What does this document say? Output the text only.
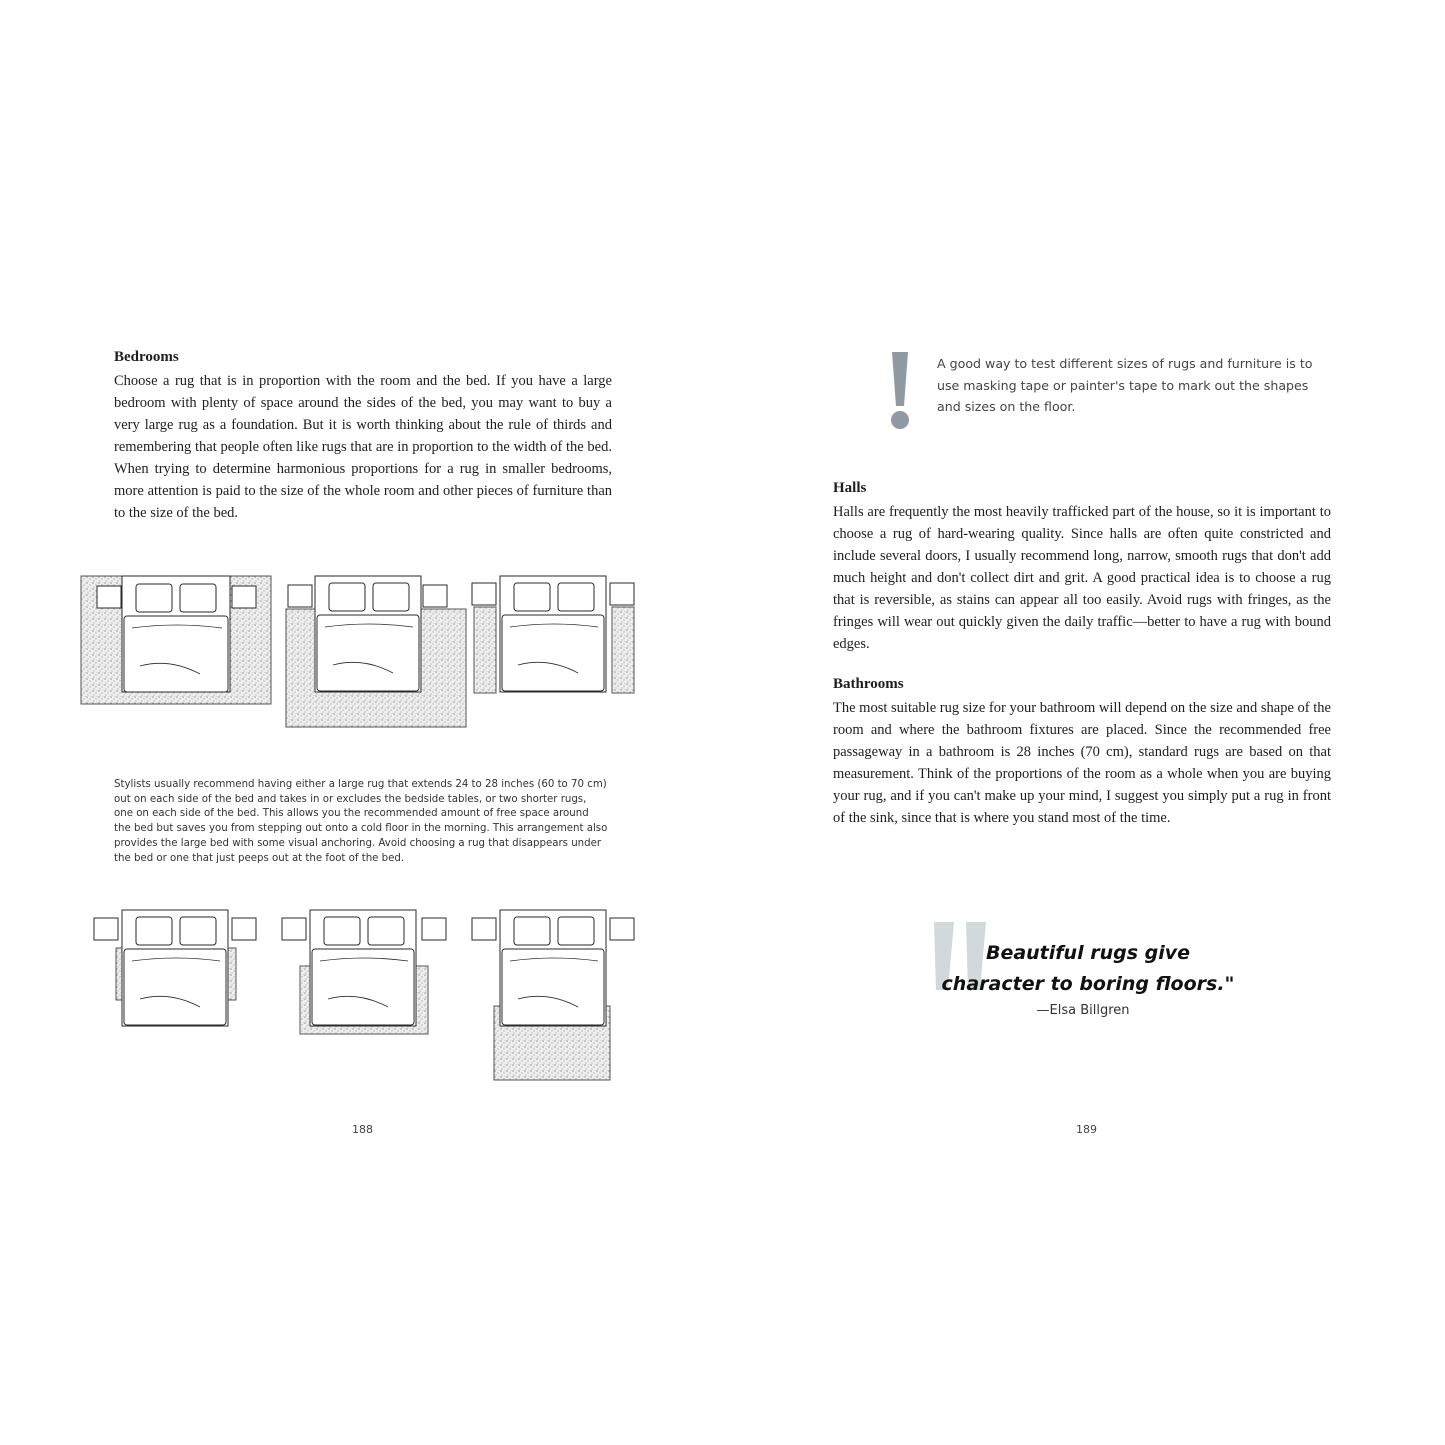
Bedrooms

Choose a rug that is in proportion with the room and the bed. If you have a large bedroom with plenty of space around the sides of the bed, you may want to buy a very large rug as a foundation. But it is worth thinking about the rule of thirds and remembering that people often like rugs that are in proportion to the width of the bed. When trying to determine harmonious proportions for a rug in smaller bedrooms, more attention is paid to the size of the whole room and other pieces of furniture than to the size of the bed.

Stylists usually recommend having either a large rug that extends 24 to 28 inches (60 to 70 cm) out on each side of the bed and takes in or excludes the bedside tables, or two shorter rugs, one on each side of the bed. This allows you the recommended amount of free space around the bed but saves you from stepping out onto a cold floor in the morning. This arrangement also provides the large bed with some visual anchoring. Avoid choosing a rug that disappears under the bed or one that just peeps out at the foot of the bed.

188

A good way to test different sizes of rugs and furniture is to use masking tape or painter's tape to mark out the shapes and sizes on the floor.

Halls

Halls are frequently the most heavily trafficked part of the house, so it is important to choose a rug of hard-wearing quality. Since halls are often quite constricted and include several doors, I usually recommend long, narrow, smooth rugs that don't add much height and don't collect dirt and grit. A good practical idea is to choose a rug that is reversible, as stains can appear all too easily. Avoid rugs with fringes, as the fringes will wear out quickly given the daily traffic—better to have a rug with bound edges.

Bathrooms

The most suitable rug size for your bathroom will depend on the size and shape of the room and where the bathroom fixtures are placed. Since the recommended free passageway in a bathroom is 28 inches (70 cm), standard rugs are based on that measurement. Think of the proportions of the room as a whole when you are buying your rug, and if you can't make up your mind, I suggest you simply put a rug in front of the sink, since that is where you stand most of the time.

Beautiful rugs give character to boring floors."

—Elsa Billgren
189
